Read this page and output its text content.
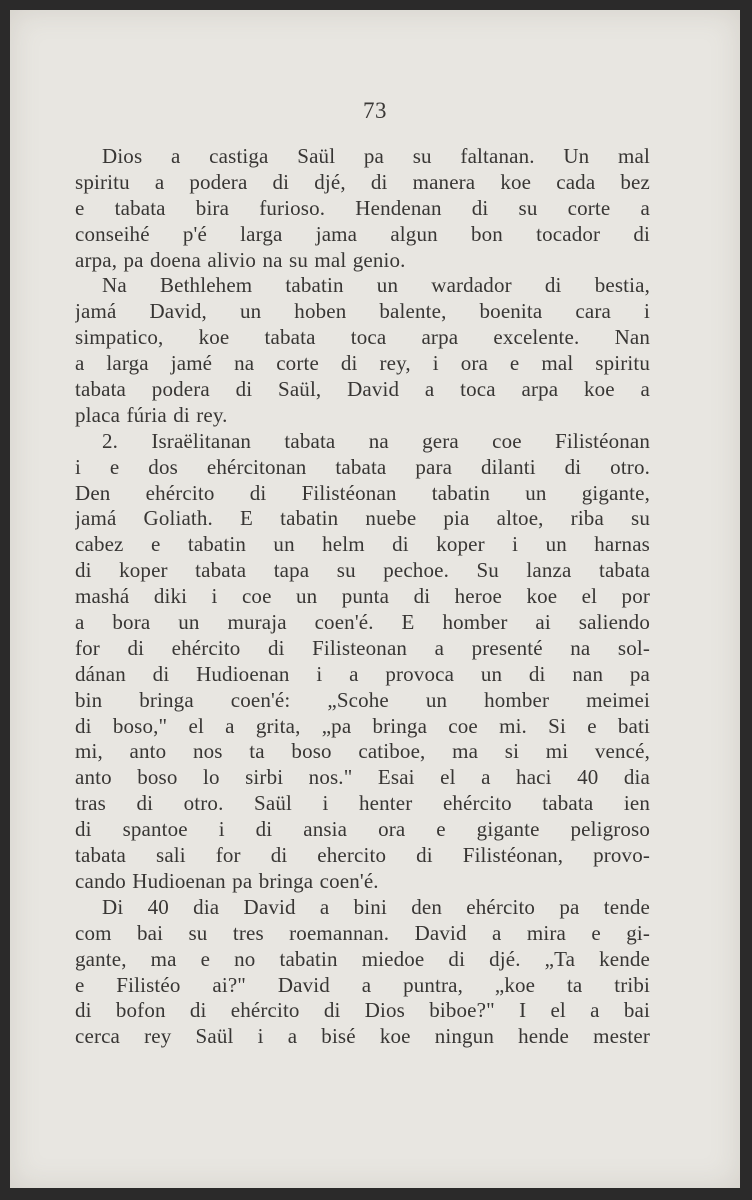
73
Dios a castiga Saül pa su faltanan. Un mal
spiritu a podera di djé, di manera koe cada bez
e tabata bira furioso. Hendenan di su corte a
conseihé p'é larga jama algun bon tocador di
arpa, pa doena alivio na su mal genio.
Na Bethlehem tabatin un wardador di bestia,
jamá David, un hoben balente, boenita cara i
simpatico, koe tabata toca arpa excelente. Nan
a larga jamé na corte di rey, i ora e mal spiritu
tabata podera di Saül, David a toca arpa koe a
placa fúria di rey.
2. Israëlitanan tabata na gera coe Filistéonan
i e dos ehércitonan tabata para dilanti di otro.
Den ehército di Filistéonan tabatin un gigante,
jamá Goliath. E tabatin nuebe pia altoe, riba su
cabez e tabatin un helm di koper i un harnas
di koper tabata tapa su pechoe. Su lanza tabata
mashá diki i coe un punta di heroe koe el por
a bora un muraja coen'é. E homber ai saliendo
for di ehército di Filisteonan a presenté na sol-
dánan di Hudioenan i a provoca un di nan pa
bin bringa coen'é: „Scohe un homber meimei
di boso," el a grita, „pa bringa coe mi. Si e bati
mi, anto nos ta boso catiboe, ma si mi vencé,
anto boso lo sirbi nos." Esai el a haci 40 dia
tras di otro. Saül i henter ehército tabata ien
di spantoe i di ansia ora e gigante peligroso
tabata sali for di ehercito di Filistéonan, provo-
cando Hudioenan pa bringa coen'é.
Di 40 dia David a bini den ehército pa tende
com bai su tres roemannan. David a mira e gi-
gante, ma e no tabatin miedoe di djé. „Ta kende
e Filistéo ai?" David a puntra, „koe ta tribi
di bofon di ehército di Dios biboe?" I el a bai
cerca rey Saül i a bisé koe ningun hende mester
